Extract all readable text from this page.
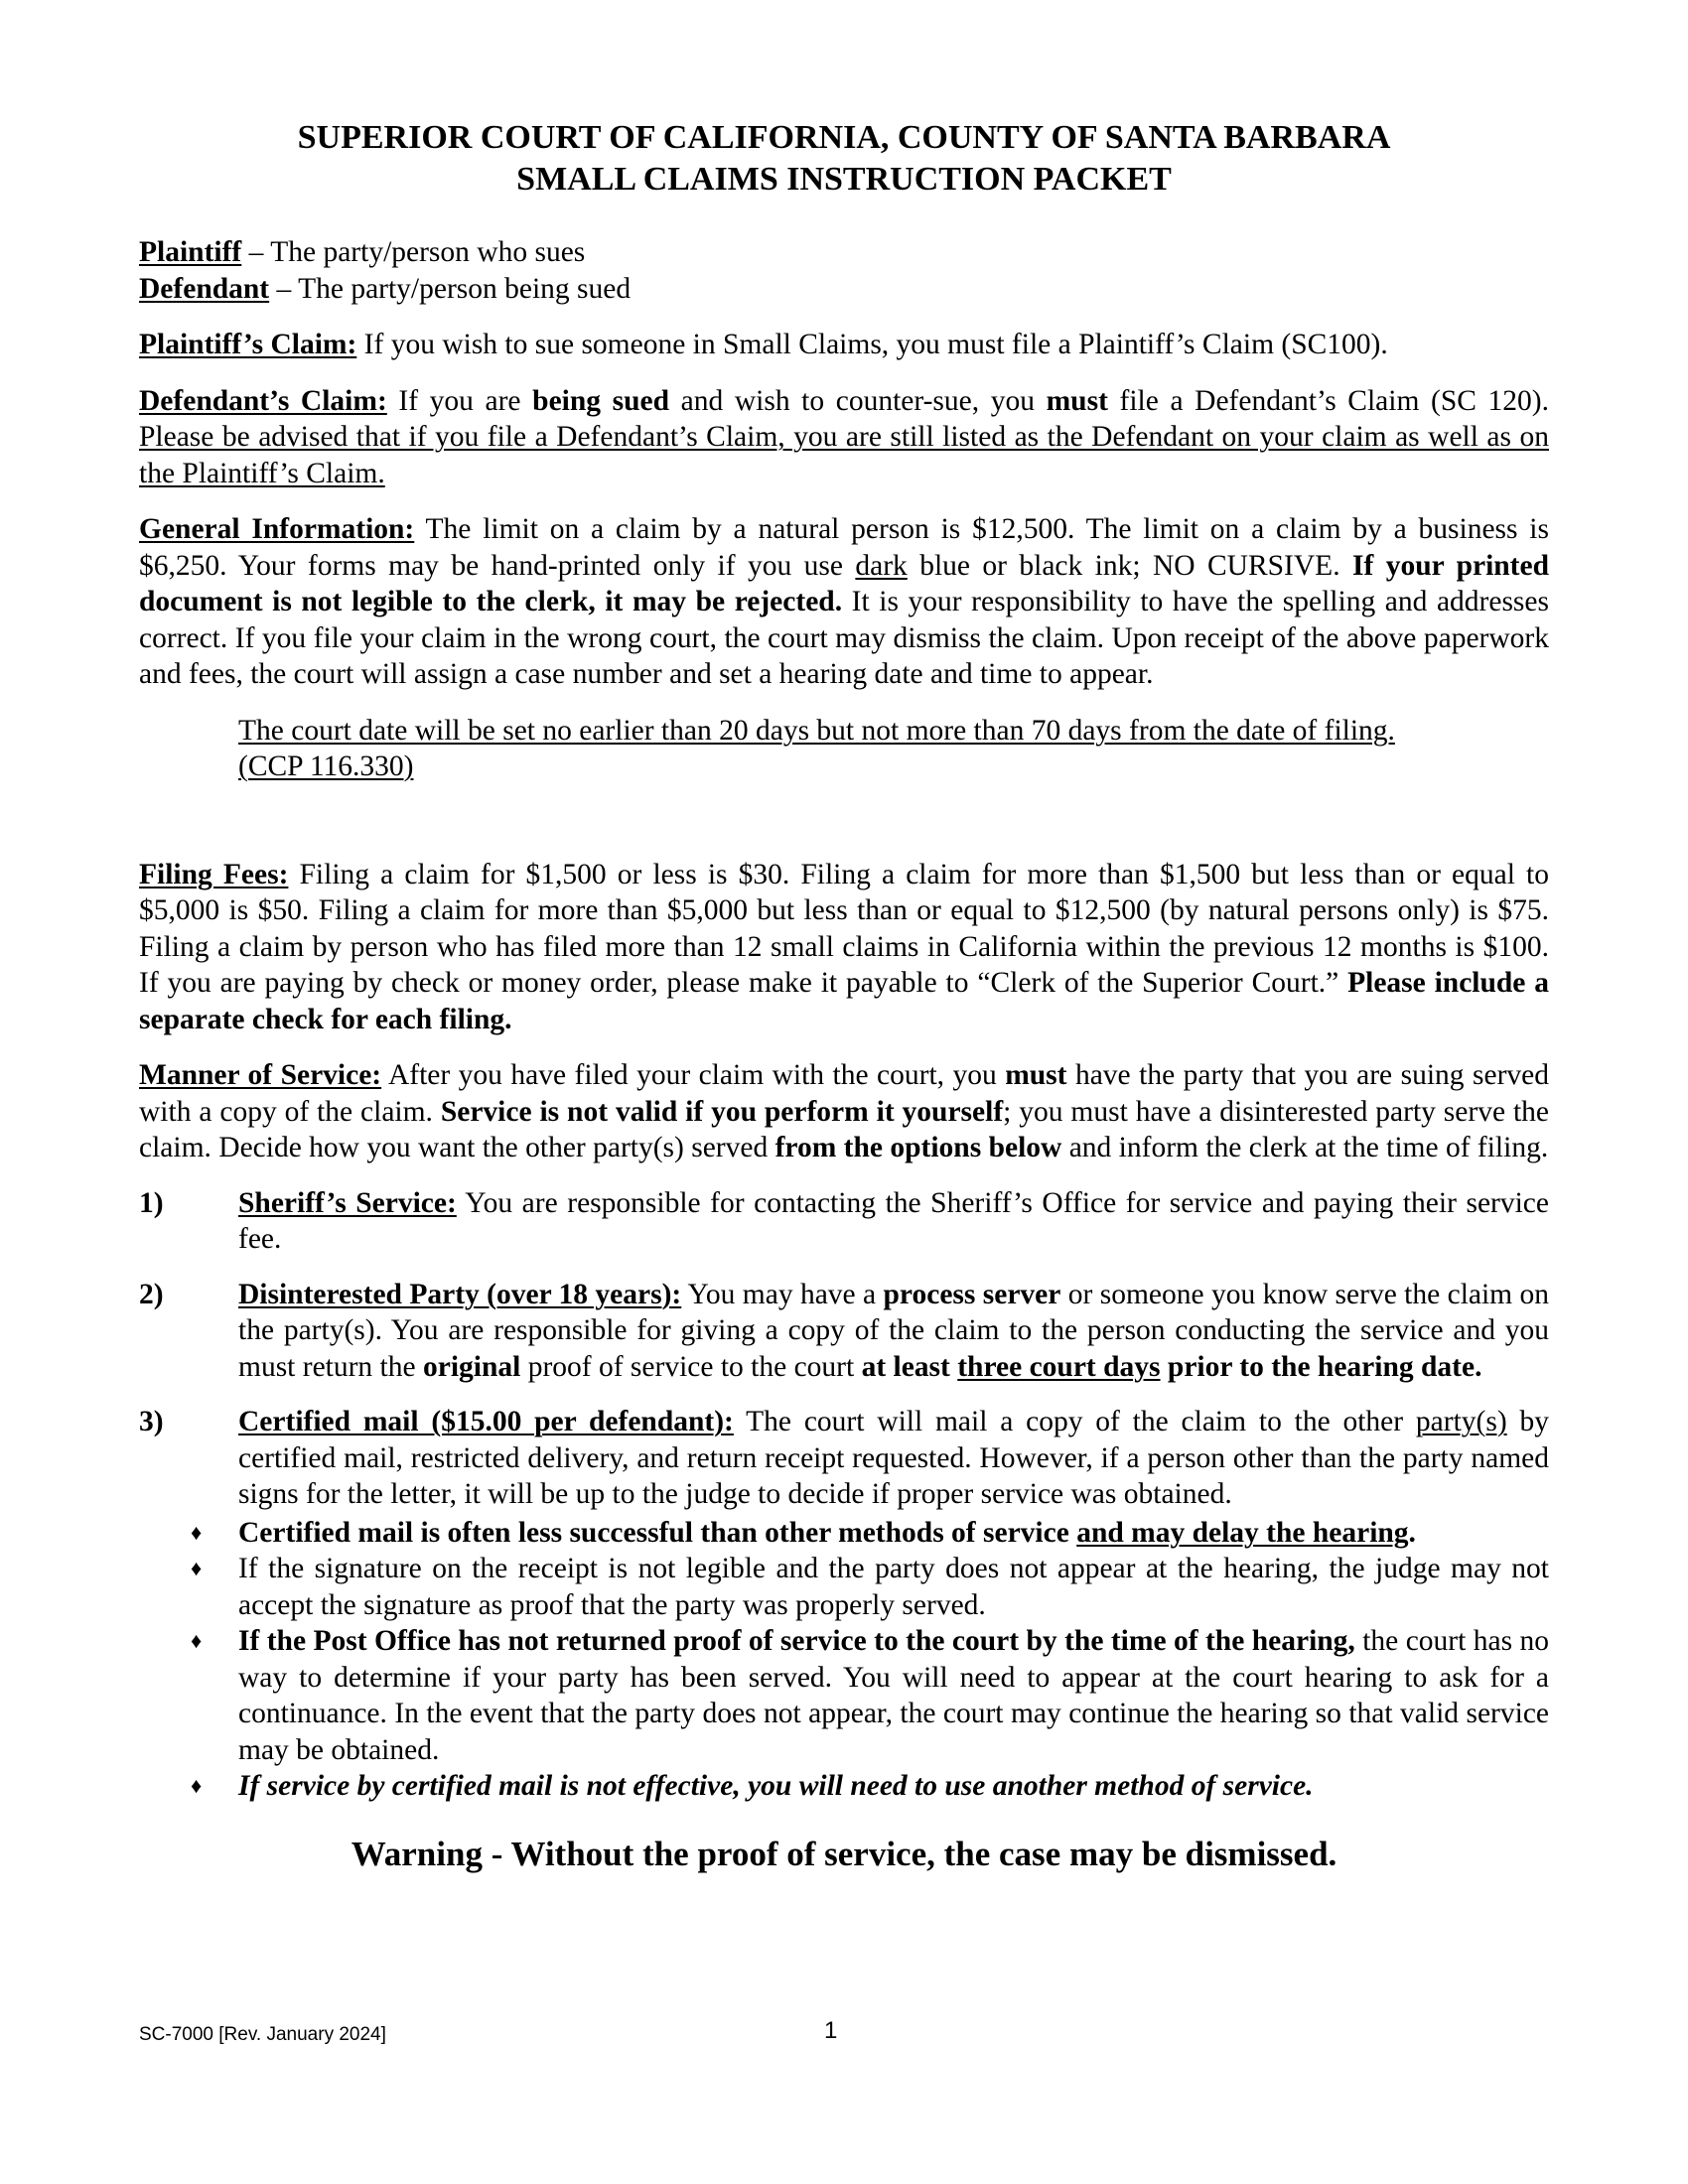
SUPERIOR COURT OF CALIFORNIA, COUNTY OF SANTA BARBARA
SMALL CLAIMS INSTRUCTION PACKET

Plaintiff – The party/person who sues

Defendant – The party/person being sued

Plaintiff’s Claim: If you wish to sue someone in Small Claims, you must file a Plaintiff’s Claim (SC100).

Defendant’s Claim: If you are being sued and wish to counter-sue, you must file a Defendant’s Claim (SC 120). Please be advised that if you file a Defendant’s Claim, you are still listed as the Defendant on your claim as well as on the Plaintiff’s Claim.

General Information: The limit on a claim by a natural person is $12,500. The limit on a claim by a business is $6,250. Your forms may be hand-printed only if you use dark blue or black ink; NO CURSIVE. If your printed document is not legible to the clerk, it may be rejected. It is your responsibility to have the spelling and addresses correct. If you file your claim in the wrong court, the court may dismiss the claim. Upon receipt of the above paperwork and fees, the court will assign a case number and set a hearing date and time to appear.

The court date will be set no earlier than 20 days but not more than 70 days from the date of filing. (CCP 116.330)

Filing Fees: Filing a claim for $1,500 or less is $30. Filing a claim for more than $1,500 but less than or equal to $5,000 is $50. Filing a claim for more than $5,000 but less than or equal to $12,500 (by natural persons only) is $75. Filing a claim by person who has filed more than 12 small claims in California within the previous 12 months is $100. If you are paying by check or money order, please make it payable to “Clerk of the Superior Court.” Please include a separate check for each filing.

Manner of Service: After you have filed your claim with the court, you must have the party that you are suing served with a copy of the claim. Service is not valid if you perform it yourself; you must have a disinterested party serve the claim. Decide how you want the other party(s) served from the options below and inform the clerk at the time of filing.

1)	Sheriff’s Service: You are responsible for contacting the Sheriff’s Office for service and paying their service fee.
2)	Disinterested Party (over 18 years): You may have a process server or someone you know serve the claim on the party(s). You are responsible for giving a copy of the claim to the person conducting the service and you must return the original proof of service to the court at least three court days prior to the hearing date.
3)	Certified mail ($15.00 per defendant): The court will mail a copy of the claim to the other party(s) by certified mail, restricted delivery, and return receipt requested. However, if a person other than the party named signs for the letter, it will be up to the judge to decide if proper service was obtained.
♦	Certified mail is often less successful than other methods of service and may delay the hearing.
♦	If the signature on the receipt is not legible and the party does not appear at the hearing, the judge may not accept the signature as proof that the party was properly served.
♦	If the Post Office has not returned proof of service to the court by the time of the hearing, the court has no way to determine if your party has been served. You will need to appear at the court hearing to ask for a continuance. In the event that the party does not appear, the court may continue the hearing so that valid service may be obtained.
♦	If service by certified mail is not effective, you will need to use another method of service.
Warning - Without the proof of service, the case may be dismissed.
SC-7000 [Rev. January 2024]	1
